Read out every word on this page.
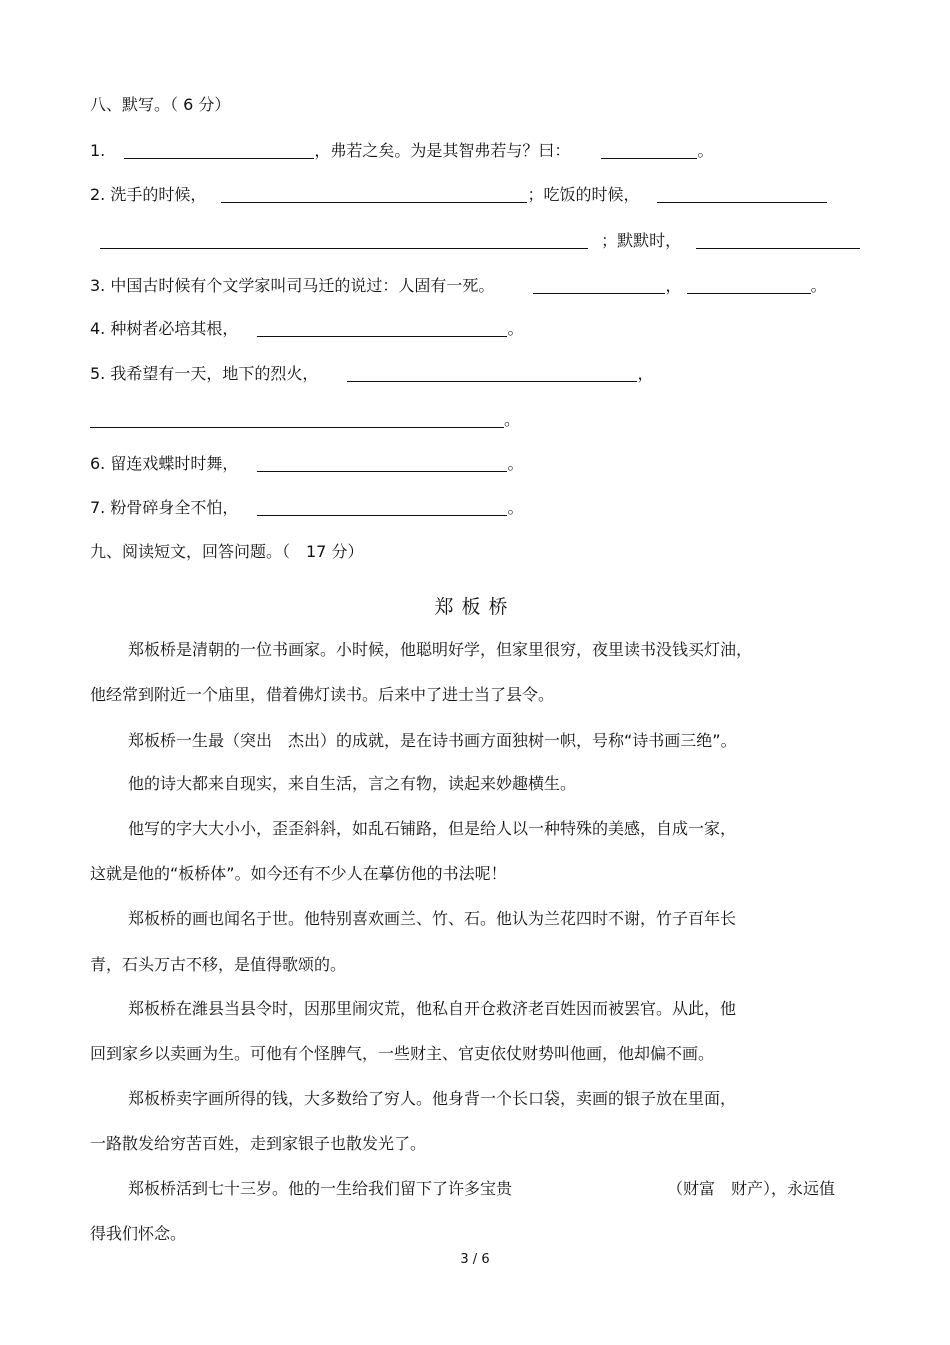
八、默写。（ 6 分）
1.	，弗若之矣。为是其智弗若与？曰：	。
2. 洗手的时候，	；吃饭的时候，
；默默时，
3. 中国古时候有个文学家叫司马迁的说过：人固有一死。	，	。
4. 种树者必培其根，	。
5. 我希望有一天，地下的烈火，	，
。
6. 留连戏蝶时时舞，	。
7. 粉骨碎身全不怕，	。
九、阅读短文，回答问题。（　17 分）
郑板桥
郑板桥是清朝的一位书画家。小时候，他聪明好学，但家里很穷，夜里读书没钱买灯油，
他经常到附近一个庙里，借着佛灯读书。后来中了进士当了县令。
郑板桥一生最（突出　杰出）的成就，是在诗书画方面独树一帜，号称“诗书画三绝”。
他的诗大都来自现实，来自生活，言之有物，读起来妙趣横生。
他写的字大大小小，歪歪斜斜，如乱石铺路，但是给人以一种特殊的美感，自成一家，
这就是他的“板桥体”。如今还有不少人在摹仿他的书法呢！
郑板桥的画也闻名于世。他特别喜欢画兰、竹、石。他认为兰花四时不谢，竹子百年长
青，石头万古不移，是值得歌颂的。
郑板桥在潍县当县令时，因那里闹灾荒，他私自开仓救济老百姓因而被罢官。从此，他
回到家乡以卖画为生。可他有个怪脾气，一些财主、官吏依仗财势叫他画，他却偏不画。
郑板桥卖字画所得的钱，大多数给了穷人。他身背一个长口袋，卖画的银子放在里面，
一路散发给穷苦百姓，走到家银子也散发光了。
郑板桥活到七十三岁。他的一生给我们留下了许多宝贵	（财富　财产），永远值
得我们怀念。
3 / 6
